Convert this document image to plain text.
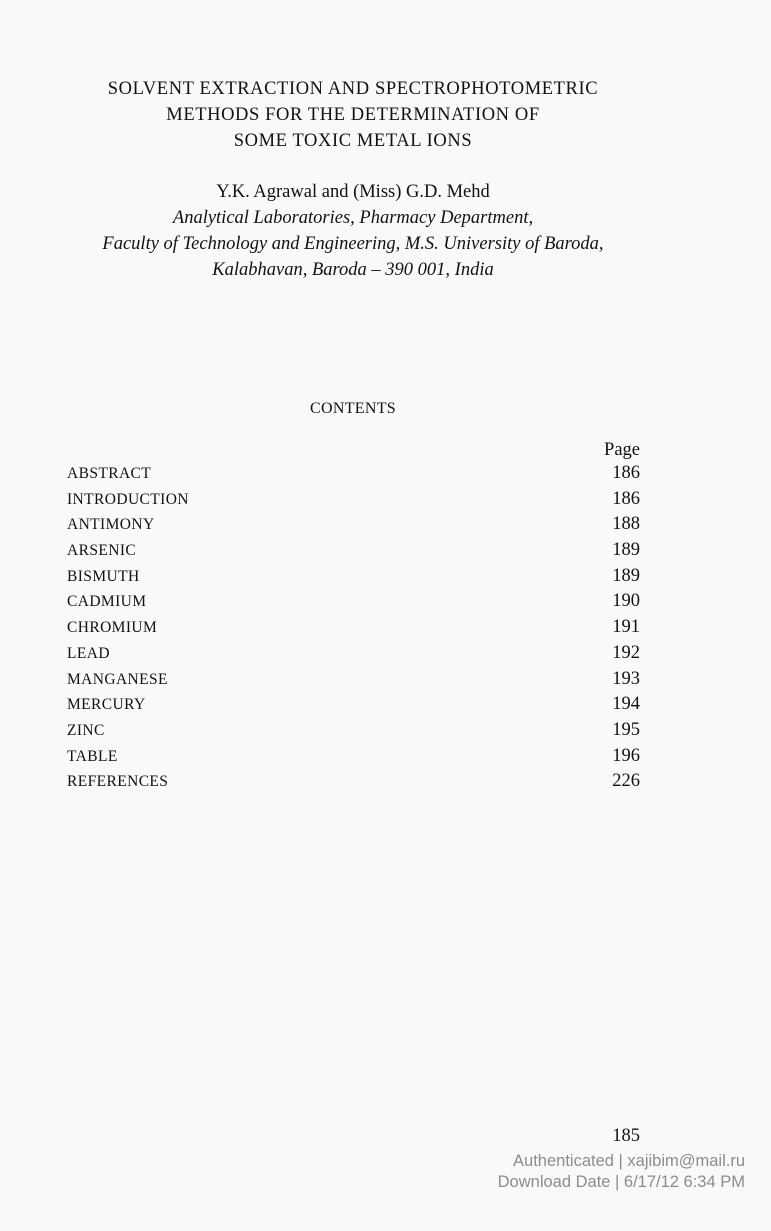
SOLVENT EXTRACTION AND SPECTROPHOTOMETRIC
METHODS FOR THE DETERMINATION OF
SOME TOXIC METAL IONS
Y.K. Agrawal and (Miss) G.D. Mehd
Analytical Laboratories, Pharmacy Department,
Faculty of Technology and Engineering, M.S. University of Baroda,
Kalabhavan, Baroda – 390 001, India
CONTENTS
Page
ABSTRACT	186
INTRODUCTION	186
ANTIMONY	188
ARSENIC	189
BISMUTH	189
CADMIUM	190
CHROMIUM	191
LEAD	192
MANGANESE	193
MERCURY	194
ZINC	195
TABLE	196
REFERENCES	226
185
Authenticated | xajibim@mail.ru
Download Date | 6/17/12 6:34 PM
